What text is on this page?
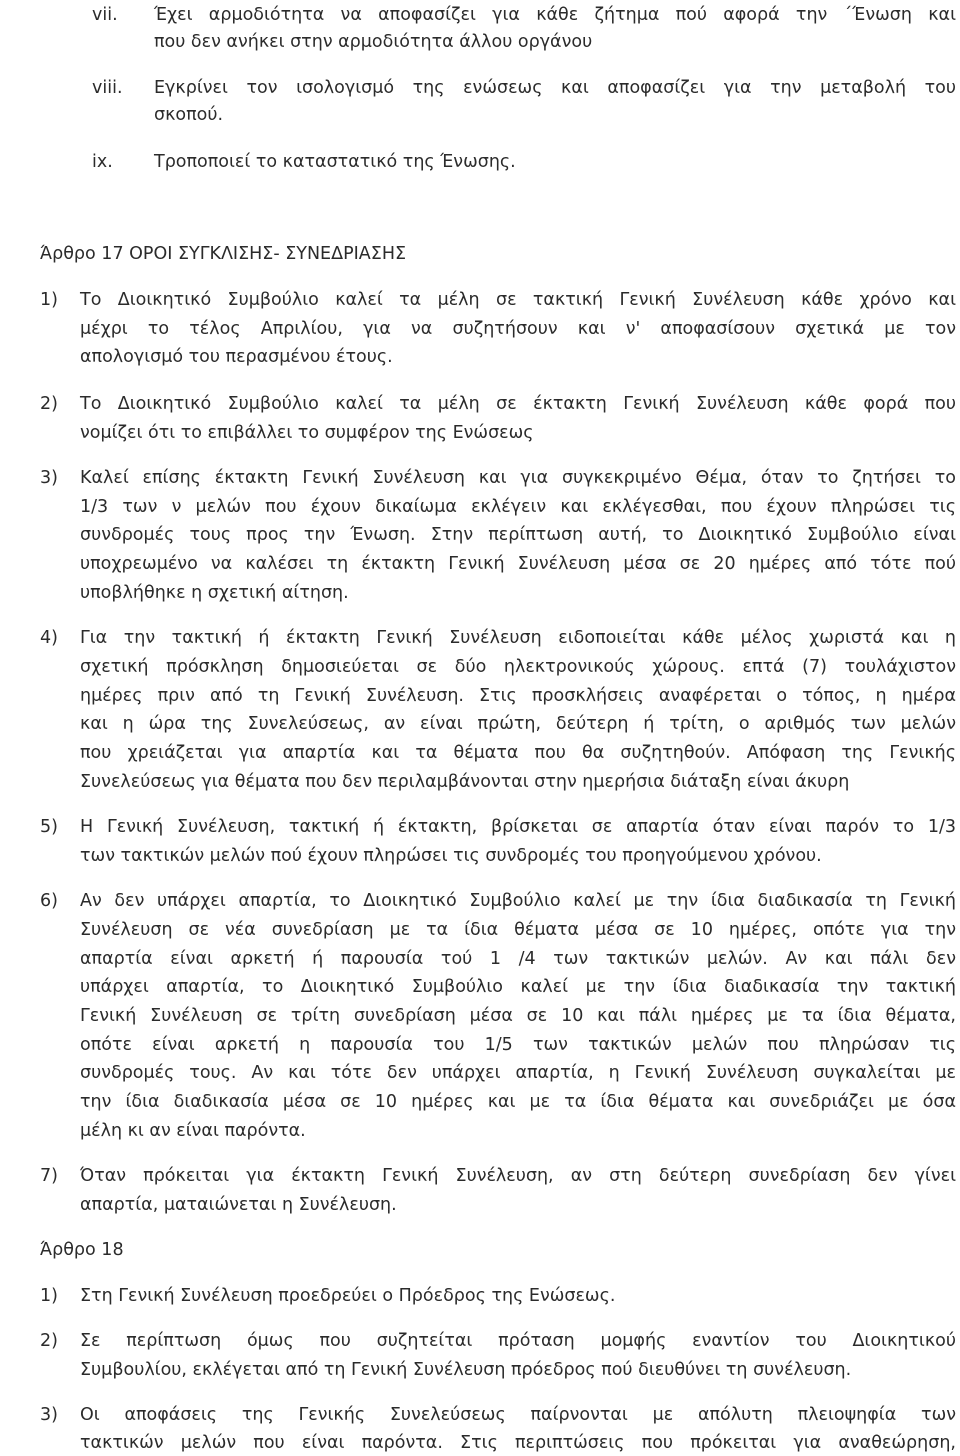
vii.	Έχει αρμοδιότητα να αποφασίζει για κάθε ζήτημα πού αφορά την ΄Ένωση και
που δεν ανήκει στην αρμοδιότητα άλλου οργάνου
viii.	Εγκρίνει τον ισολογισμό της ενώσεως και αποφασίζει για την μεταβολή του
σκοπού.
ix.	Τροποποιεί το καταστατικό της Ένωσης.
Άρθρο 17 ΟΡΟΙ ΣΥΓΚΛΙΣΗΣ- ΣΥΝΕΔΡΙΑΣΗΣ
1) Το Διοικητικό Συμβούλιο καλεί τα μέλη σε τακτική Γενική Συνέλευση κάθε χρόνο και
μέχρι το τέλος Απριλίου, για να συζητήσουν και ν' αποφασίσουν σχετικά με τον
απολογισμό του περασμένου έτους.
2) Το Διοικητικό Συμβούλιο καλεί τα μέλη σε έκτακτη Γενική Συνέλευση κάθε φορά που
νομίζει ότι το επιβάλλει το συμφέρον της Ενώσεως
3) Καλεί επίσης έκτακτη Γενική Συνέλευση και για συγκεκριμένο Θέμα, όταν το ζητήσει το
1/3 των ν μελών που έχουν δικαίωμα εκλέγειν και εκλέγεσθαι, που έχουν πληρώσει τις
συνδρομές τους προς την Ένωση. Στην περίπτωση αυτή, το Διοικητικό Συμβούλιο είναι
υποχρεωμένο να καλέσει τη έκτακτη Γενική Συνέλευση μέσα σε 20 ημέρες από τότε πού
υποβλήθηκε η σχετική αίτηση.
4) Για την τακτική ή έκτακτη Γενική Συνέλευση ειδοποιείται κάθε μέλος χωριστά και η
σχετική πρόσκληση δημοσιεύεται σε δύο ηλεκτρονικούς χώρους. επτά (7) τουλάχιστον
ημέρες πριν από τη Γενική Συνέλευση. Στις προσκλήσεις αναφέρεται ο τόπος, η ημέρα
και η ώρα της Συνελεύσεως, αν είναι πρώτη, δεύτερη ή τρίτη, ο αριθμός των μελών
που χρειάζεται για απαρτία και τα θέματα που θα συζητηθούν. Απόφαση της Γενικής
Συνελεύσεως για θέματα που δεν περιλαμβάνονται στην ημερήσια διάταξη είναι άκυρη
5) Η Γενική Συνέλευση, τακτική ή έκτακτη, βρίσκεται σε απαρτία όταν είναι παρόν το 1/3
των τακτικών μελών πού έχουν πληρώσει τις συνδρομές του προηγούμενου χρόνου.
6) Αν δεν υπάρχει απαρτία, το Διοικητικό Συμβούλιο καλεί με την ίδια διαδικασία τη Γενική
Συνέλευση σε νέα συνεδρίαση με τα ίδια θέματα μέσα σε 10 ημέρες, οπότε για την
απαρτία είναι αρκετή ή παρουσία τού 1 /4 των τακτικών μελών. Αν και πάλι δεν
υπάρχει απαρτία, το Διοικητικό Συμβούλιο καλεί με την ίδια διαδικασία την τακτική
Γενική Συνέλευση σε τρίτη συνεδρίαση μέσα σε 10 και πάλι ημέρες με τα ίδια θέματα,
οπότε είναι αρκετή η παρουσία του 1/5 των τακτικών μελών που πληρώσαν τις
συνδρομές τους. Αν και τότε δεν υπάρχει απαρτία, η Γενική Συνέλευση συγκαλείται με
την ίδια διαδικασία μέσα σε 10 ημέρες και με τα ίδια θέματα και συνεδριάζει με όσα
μέλη κι αν είναι παρόντα.
7) Όταν πρόκειται για έκτακτη Γενική Συνέλευση, αν στη δεύτερη συνεδρίαση δεν γίνει
απαρτία, ματαιώνεται η Συνέλευση.
Άρθρο 18
1) Στη Γενική Συνέλευση προεδρεύει ο Πρόεδρος της Ενώσεως.
2) Σε περίπτωση όμως που συζητείται πρόταση μομφής εναντίον του Διοικητικού
Συμβουλίου, εκλέγεται από τη Γενική Συνέλευση πρόεδρος πού διευθύνει τη συνέλευση.
3) Οι αποφάσεις της Γενικής Συνελεύσεως παίρνονται με απόλυτη πλειοψηφία των
τακτικών μελών που είναι παρόντα. Στις περιπτώσεις που πρόκειται για αναθεώρηση,
